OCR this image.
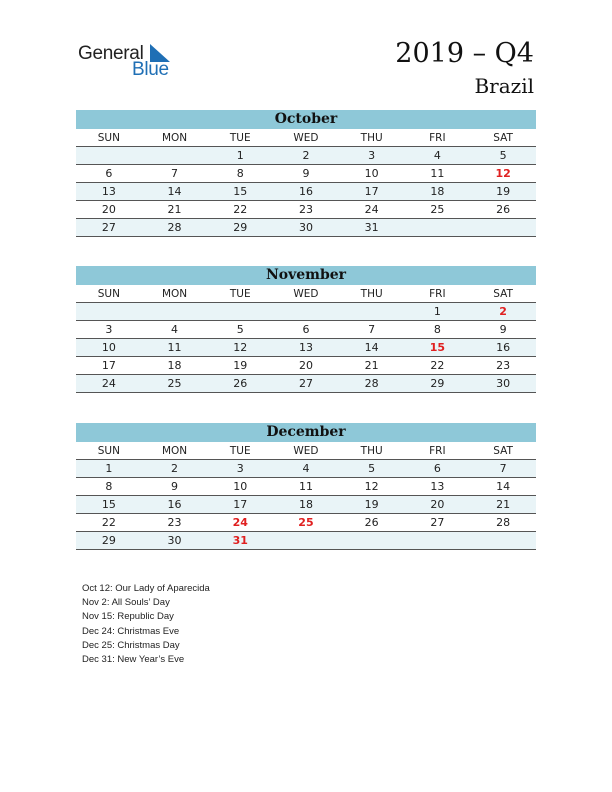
General
Blue
2019 – Q4
Brazil
October
SUN	MON	TUE	WED	THU	FRI	SAT
		1	2	3	4	5
6	7	8	9	10	11	12
13	14	15	16	17	18	19
20	21	22	23	24	25	26
27	28	29	30	31		
November
SUN	MON	TUE	WED	THU	FRI	SAT
					1	2
3	4	5	6	7	8	9
10	11	12	13	14	15	16
17	18	19	20	21	22	23
24	25	26	27	28	29	30
December
SUN	MON	TUE	WED	THU	FRI	SAT
1	2	3	4	5	6	7
8	9	10	11	12	13	14
15	16	17	18	19	20	21
22	23	24	25	26	27	28
29	30	31				
Oct 12: Our Lady of Aparecida
Nov 2: All Souls’ Day
Nov 15: Republic Day
Dec 24: Christmas Eve
Dec 25: Christmas Day
Dec 31: New Year’s Eve
